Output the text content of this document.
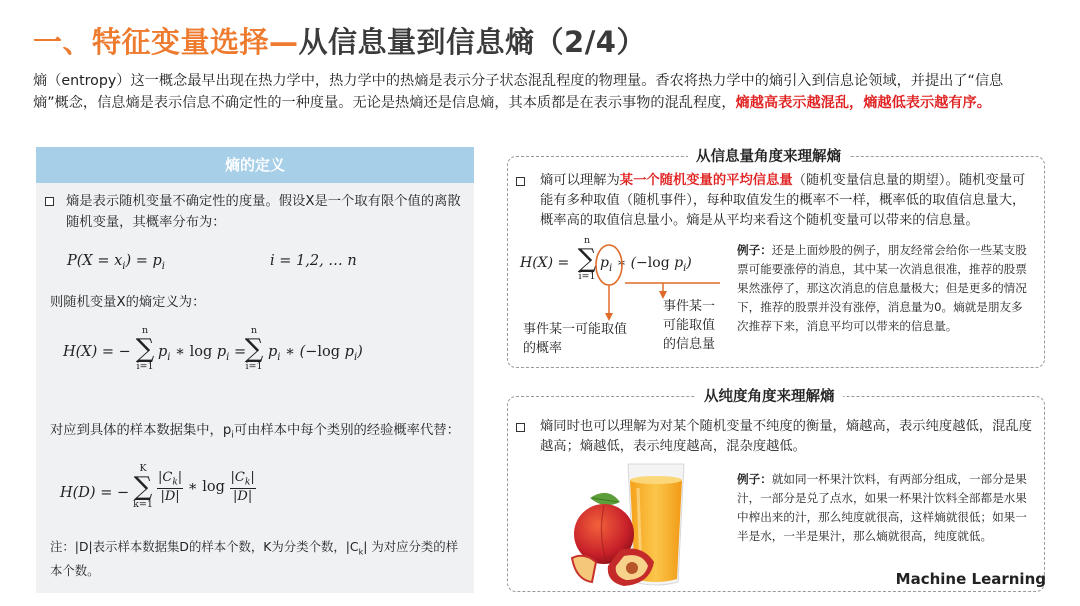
一、特征变量选择—从信息量到信息熵（2/4）
熵（entropy）这一概念最早出现在热力学中，热力学中的热熵是表示分子状态混乱程度的物理量。香农将热力学中的熵引入到信息论领域，并提出了“信息熵”概念，信息熵是表示信息不确定性的一种度量。无论是热熵还是信息熵，其本质都是在表示事物的混乱程度，熵越高表示越混乱，熵越低表示越有序。
熵的定义
熵是表示随机变量不确定性的度量。假设X是一个取有限个值的离散随机变量，其概率分布为：
$P(X = x_i) = p_i$	i = 1,2, … n
则随机变量X的熵定义为：
H(X) = −
n
∑
i=1
$p_i$ ∗ $\log p_i$ =
n
∑
i=1
$p_i$ ∗ (−log $p_i$)
对应到具体的样本数据集中，$p_i$可由样本中每个类别的经验概率代替：
H(D) = −
K
∑
k=1
$\frac{|C_k|}{|D|}$ ∗ $\log \frac{|C_k|}{|D|}$
注：|D|表示样本数据集D的样本个数，K为分类个数，$|C_k|$ 为对应分类的样本个数。
从信息量角度来理解熵
熵可以理解为某一个随机变量的平均信息量（随机变量信息量的期望）。随机变量可能有多种取值（随机事件），每种取值发生的概率不一样，概率低的取值信息量大，概率高的取值信息量小。熵是从平均来看这个随机变量可以带来的信息量。
H(X) =
n
∑
i=1
$p_i$ ∗ (−log $p_i$)
事件某一可能取值的概率
事件某一可能取值的信息量
例子：还是上面炒股的例子，朋友经常会给你一些某支股票可能要涨停的消息，其中某一次消息很准，推荐的股票果然涨停了，那这次消息的信息量极大；但是更多的情况下，推荐的股票并没有涨停，消息量为0。熵就是朋友多次推荐下来，消息平均可以带来的信息量。
从纯度角度来理解熵
熵同时也可以理解为对某个随机变量不纯度的衡量，熵越高，表示纯度越低，混乱度越高；熵越低，表示纯度越高，混杂度越低。
例子：就如同一杯果汁饮料，有两部分组成，一部分是果汁，一部分是兑了点水，如果一杯果汁饮料全部都是水果中榨出来的汁，那么纯度就很高，这样熵就很低；如果一半是水，一半是果汁，那么熵就很高，纯度就低。
Machine Learning
